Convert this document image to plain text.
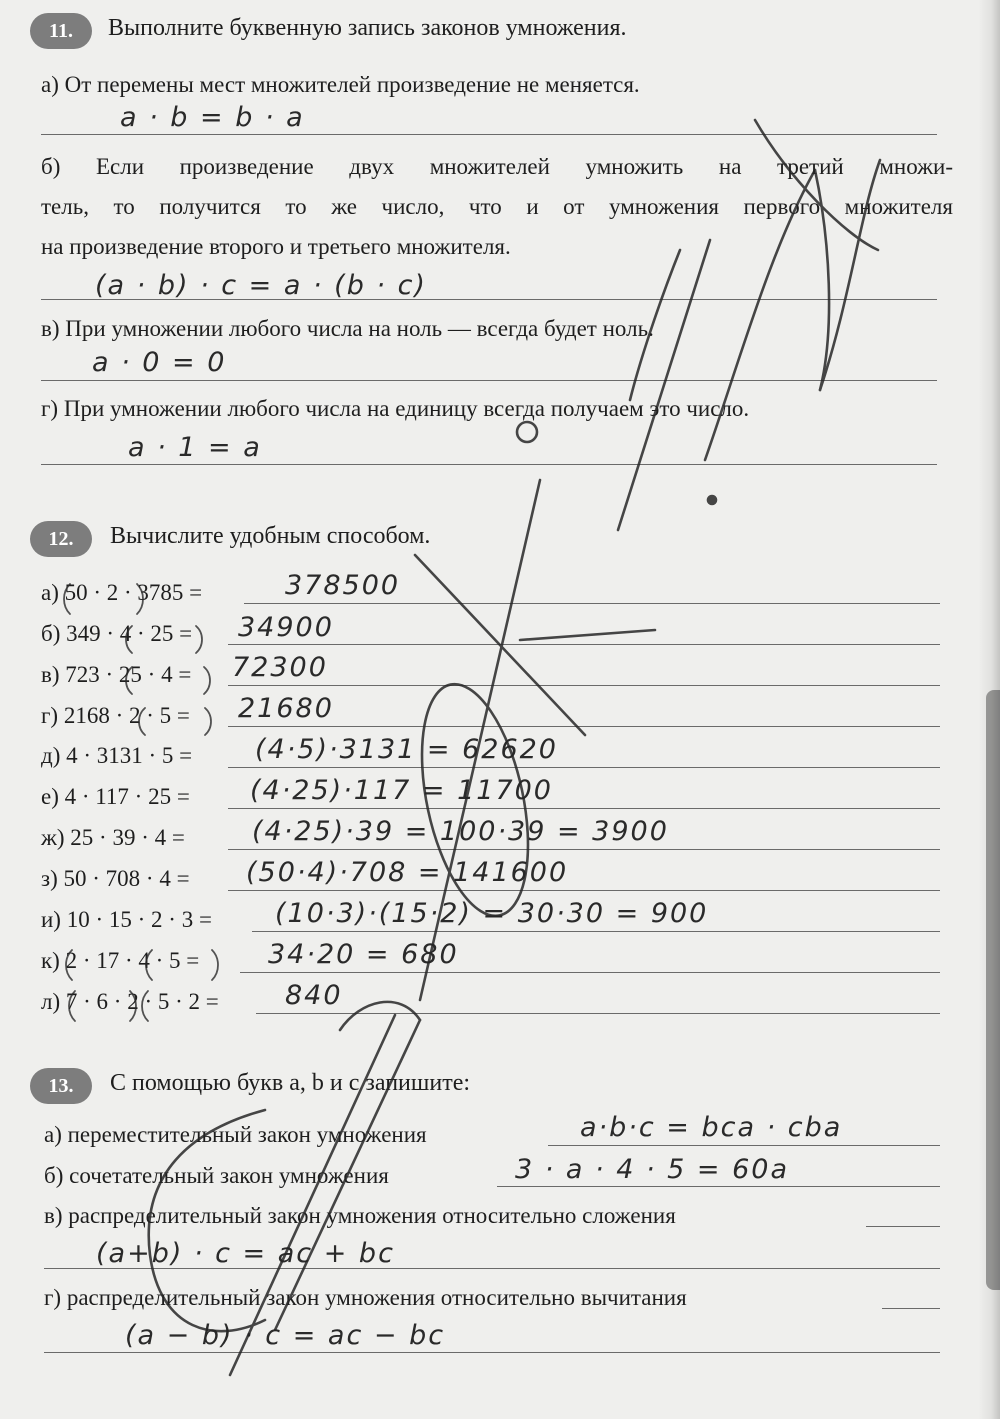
11.	Выполните буквенную запись законов умножения.
а) От перемены мест множителей произведение не меняется.
a · b = b · a
б) Если произведение двух множителей умножить на третий множи-
тель, то получится то же число, что и от умножения первого множителя
на произведение второго и третьего множителя.
(a · b) · c = a · (b · c)
в) При умножении любого числа на ноль — всегда будет ноль.
a · 0 = 0
г) При умножении любого числа на единицу всегда получаем это число.
a · 1 = a
12.	Вычислите удобным способом.
а) 50 · 2 · 3785 =	378500
б) 349 · 4 · 25 = 34900
в) 723 · 25 · 4 = 72300
г) 2168 · 2 · 5 = 21680
д) 4 · 3131 · 5 = (4·5)·3131 = 62620
е) 4 · 117 · 25 = (4·25)·117 = 11700
ж) 25 · 39 · 4 = (4·25)·39 = 100·39 = 3900
з) 50 · 708 · 4 = (50·4)·708 = 141600
и) 10 · 15 · 2 · 3 = (10·3)·(15·2) = 30·30 = 900
к) 2 · 17 · 4 · 5 =	34·20 = 680
л) 7 · 6 · 2 · 5 · 2 = 840
13.	С помощью букв a, b и c запишите:
а) переместительный закон умножения	a·b·c = bca · cba
б) сочетательный закон умножения	3 · a · 4 · 5 = 60a
в) распределительный закон умножения относительно сложения
(a+b) · c = ac + bc
г) распределительный закон умножения относительно вычитания
(a − b) · c = ac − bc
